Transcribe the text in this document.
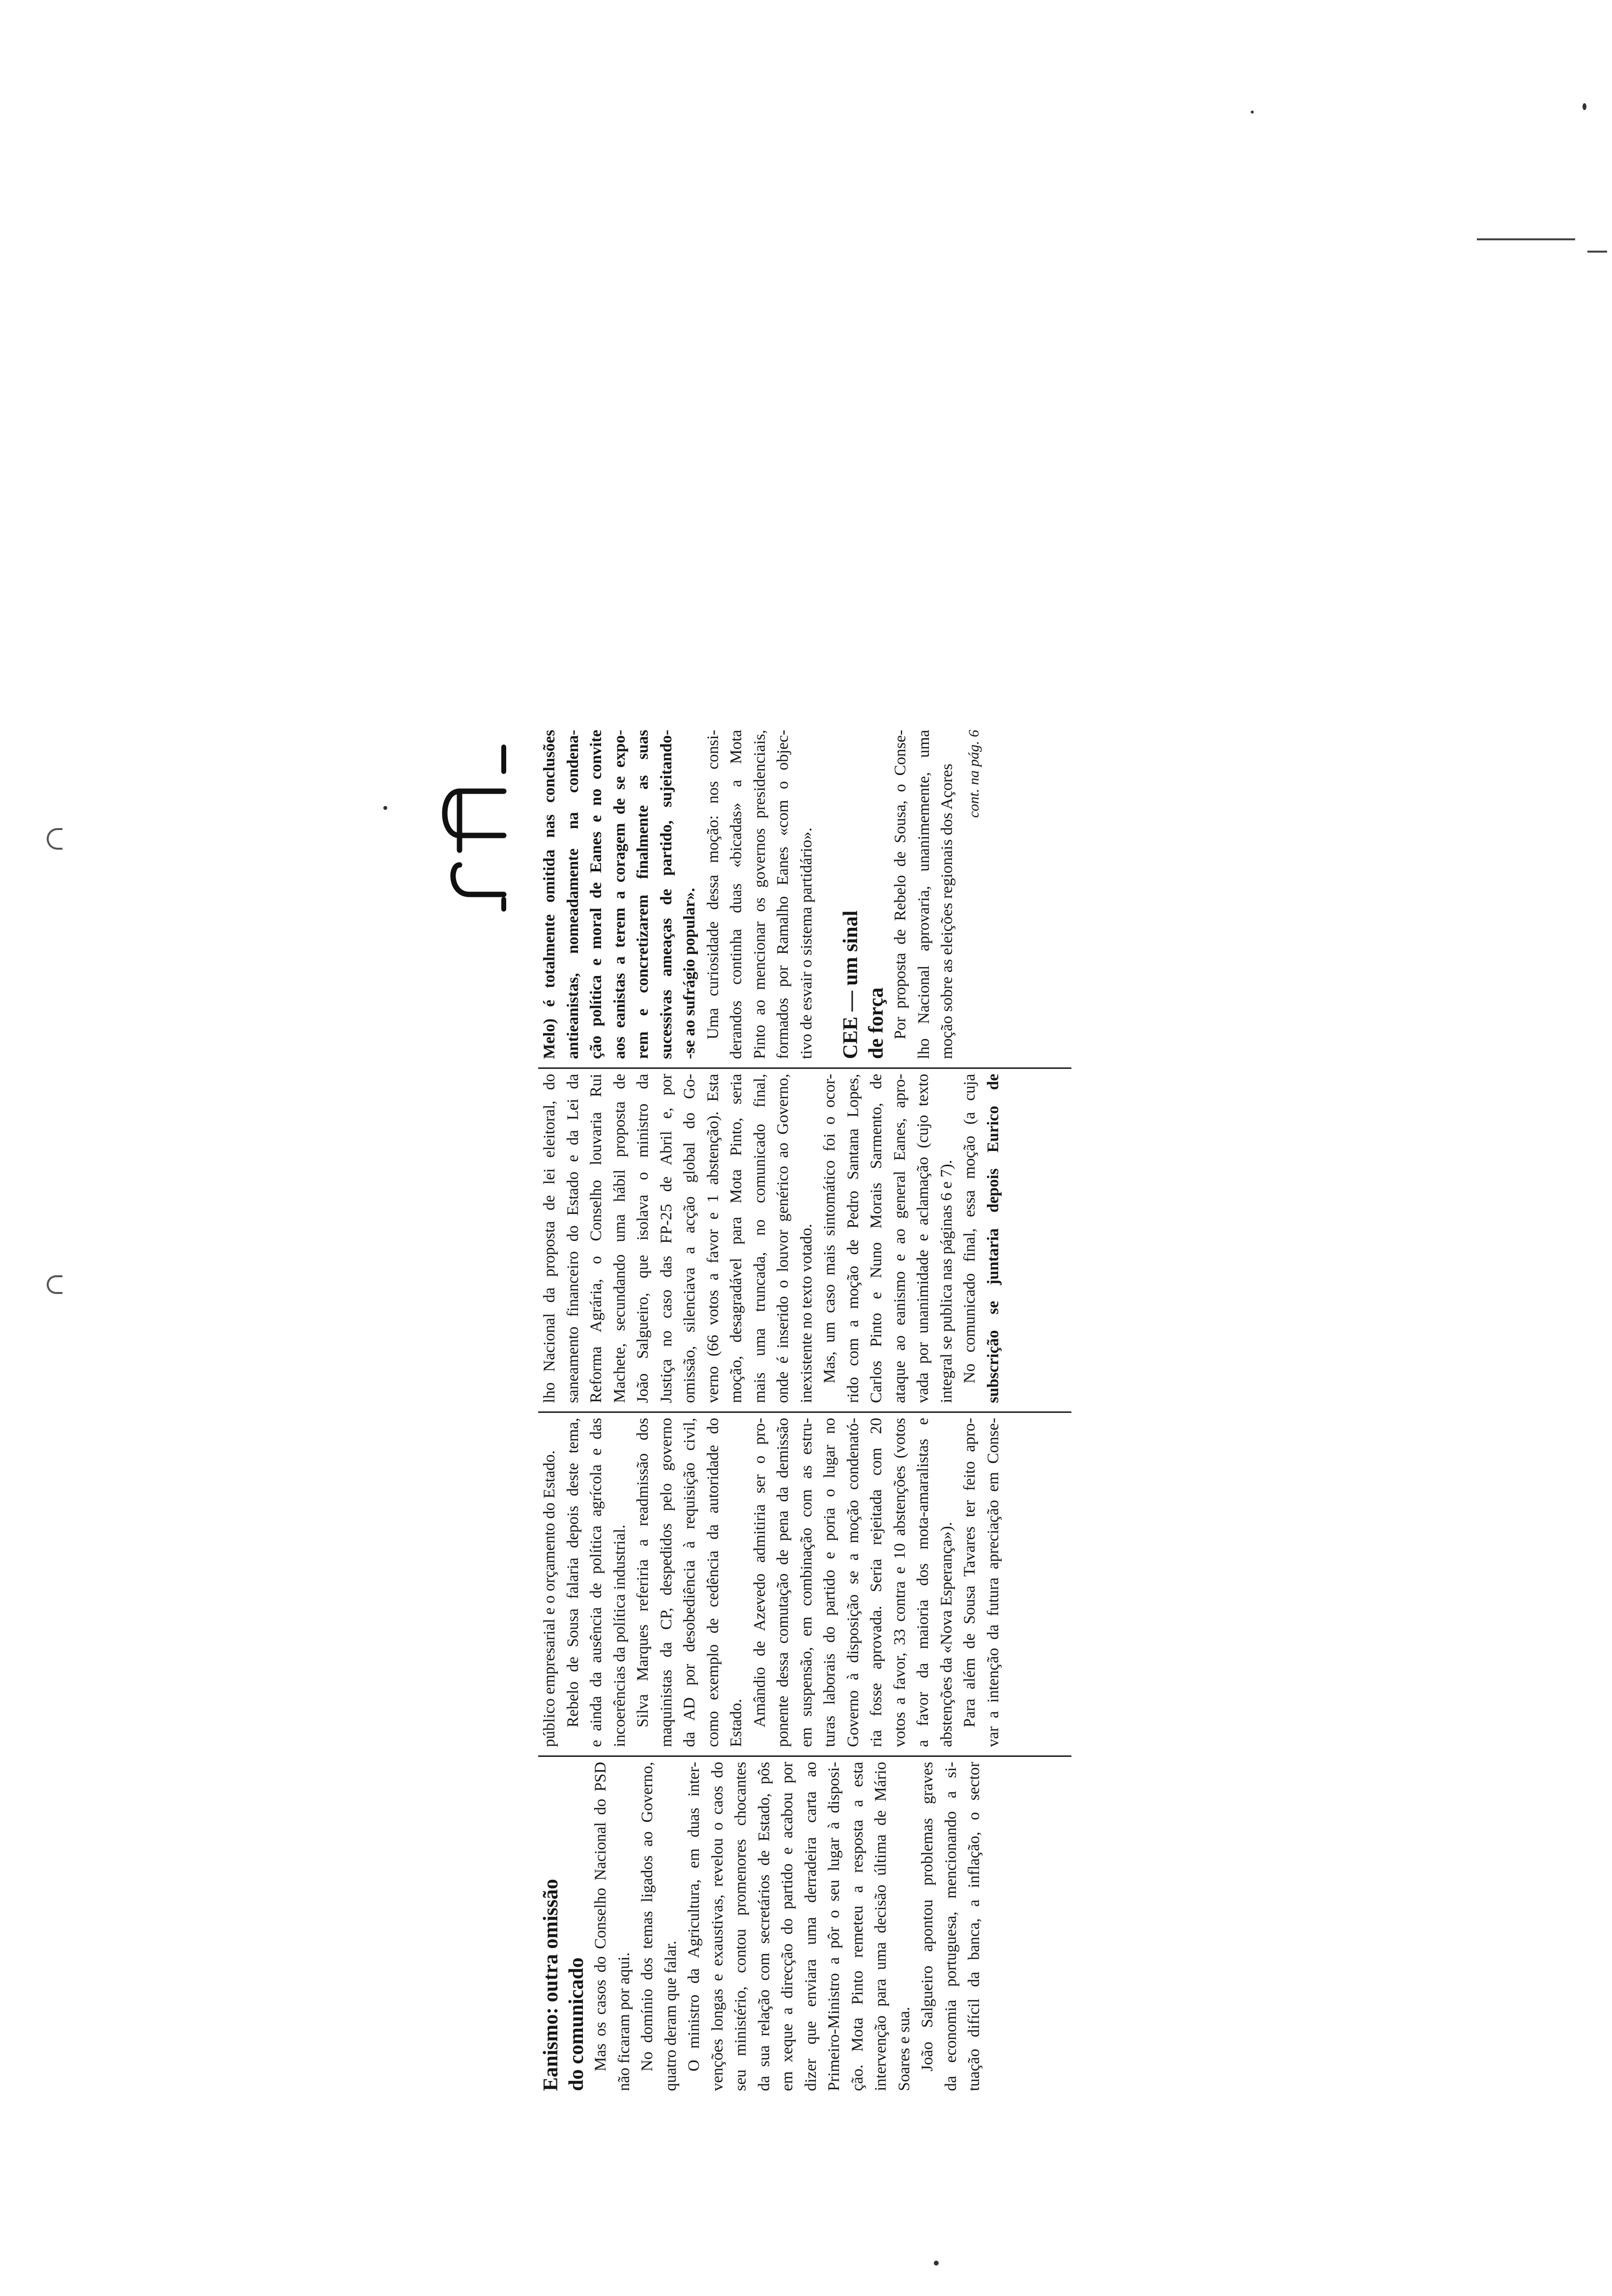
Eanismo: outra omissão do comunicado Mas os casos do Conselho Nacional do PSD não ficaram por aqui. No domínio dos temas ligados ao Governo, quatro deram que falar. O ministro da Agricultura, em duas inter- venções longas e exaustivas, revelou o caos do seu ministério, contou promenores chocantes da sua relação com secretários de Estado, pôs em xeque a direcção do partido e acabou por dizer que enviara uma derradeira carta ao Primeiro-Ministro a pôr o seu lugar à disposi- ção. Mota Pinto remeteu a resposta a esta intervenção para uma decisão última de Mário Soares e sua. João Salgueiro apontou problemas graves da economia portuguesa, mencionando a si- tuação difícil da banca, a inflação, o sector
público empresarial e o orçamento do Estado. Rebelo de Sousa falaria depois deste tema, e ainda da ausência de política agrícola e das incoerências da política industrial. Silva Marques referiria a readmissão dos maquinistas da CP, despedidos pelo governo da AD por desobediência à requisição civil, como exemplo de cedência da autoridade do Estado. Amândio de Azevedo admitiria ser o pro- ponente dessa comutação de pena da demissão em suspensão, em combinação com as estru- turas laborais do partido e poria o lugar no Governo à disposição se a moção condenató- ria fosse aprovada. Seria rejeitada com 20 votos a favor, 33 contra e 10 abstenções (votos a favor da maioria dos mota-amaralistas e abstenções da «Nova Esperança»). Para além de Sousa Tavares ter feito apro- var a intenção da futura apreciação em Conse-
lho Nacional da proposta de lei eleitoral, do saneamento financeiro do Estado e da Lei da Reforma Agrária, o Conselho louvaria Rui Machete, secundando uma hábil proposta de João Salgueiro, que isolava o ministro da Justiça no caso das FP-25 de Abril e, por omissão, silenciava a acção global do Go- verno (66 votos a favor e 1 abstenção). Esta moção, desagradável para Mota Pinto, seria mais uma truncada, no comunicado final, onde é inserido o louvor genérico ao Governo, inexistente no texto votado. Mas, um caso mais sintomático foi o ocor- rido com a moção de Pedro Santana Lopes, Carlos Pinto e Nuno Morais Sarmento, de ataque ao eanismo e ao general Eanes, apro- vada por unanimidade e aclamação (cujo texto integral se publica nas páginas 6 e 7). No comunicado final, essa moção (a cuja subscrição se juntaria depois Eurico de
Melo) é totalmente omitida nas conclusões antieanistas, nomeadamente na condena- ção política e moral de Eanes e no convite aos eanistas a terem a coragem de se expo- rem e concretizarem finalmente as suas sucessivas ameaças de partido, sujeitando- -se ao sufrágio popular». Uma curiosidade dessa moção: nos consi- derandos continha duas «bicadas» a Mota Pinto ao mencionar os governos presidenciais, formados por Ramalho Eanes «com o objec- tivo de esvair o sistema partidário». CEE — um sinal de força Por proposta de Rebelo de Sousa, o Conse- lho Nacional aprovaria, unanimemente, uma moção sobre as eleições regionais dos Açores cont. na pág. 6
